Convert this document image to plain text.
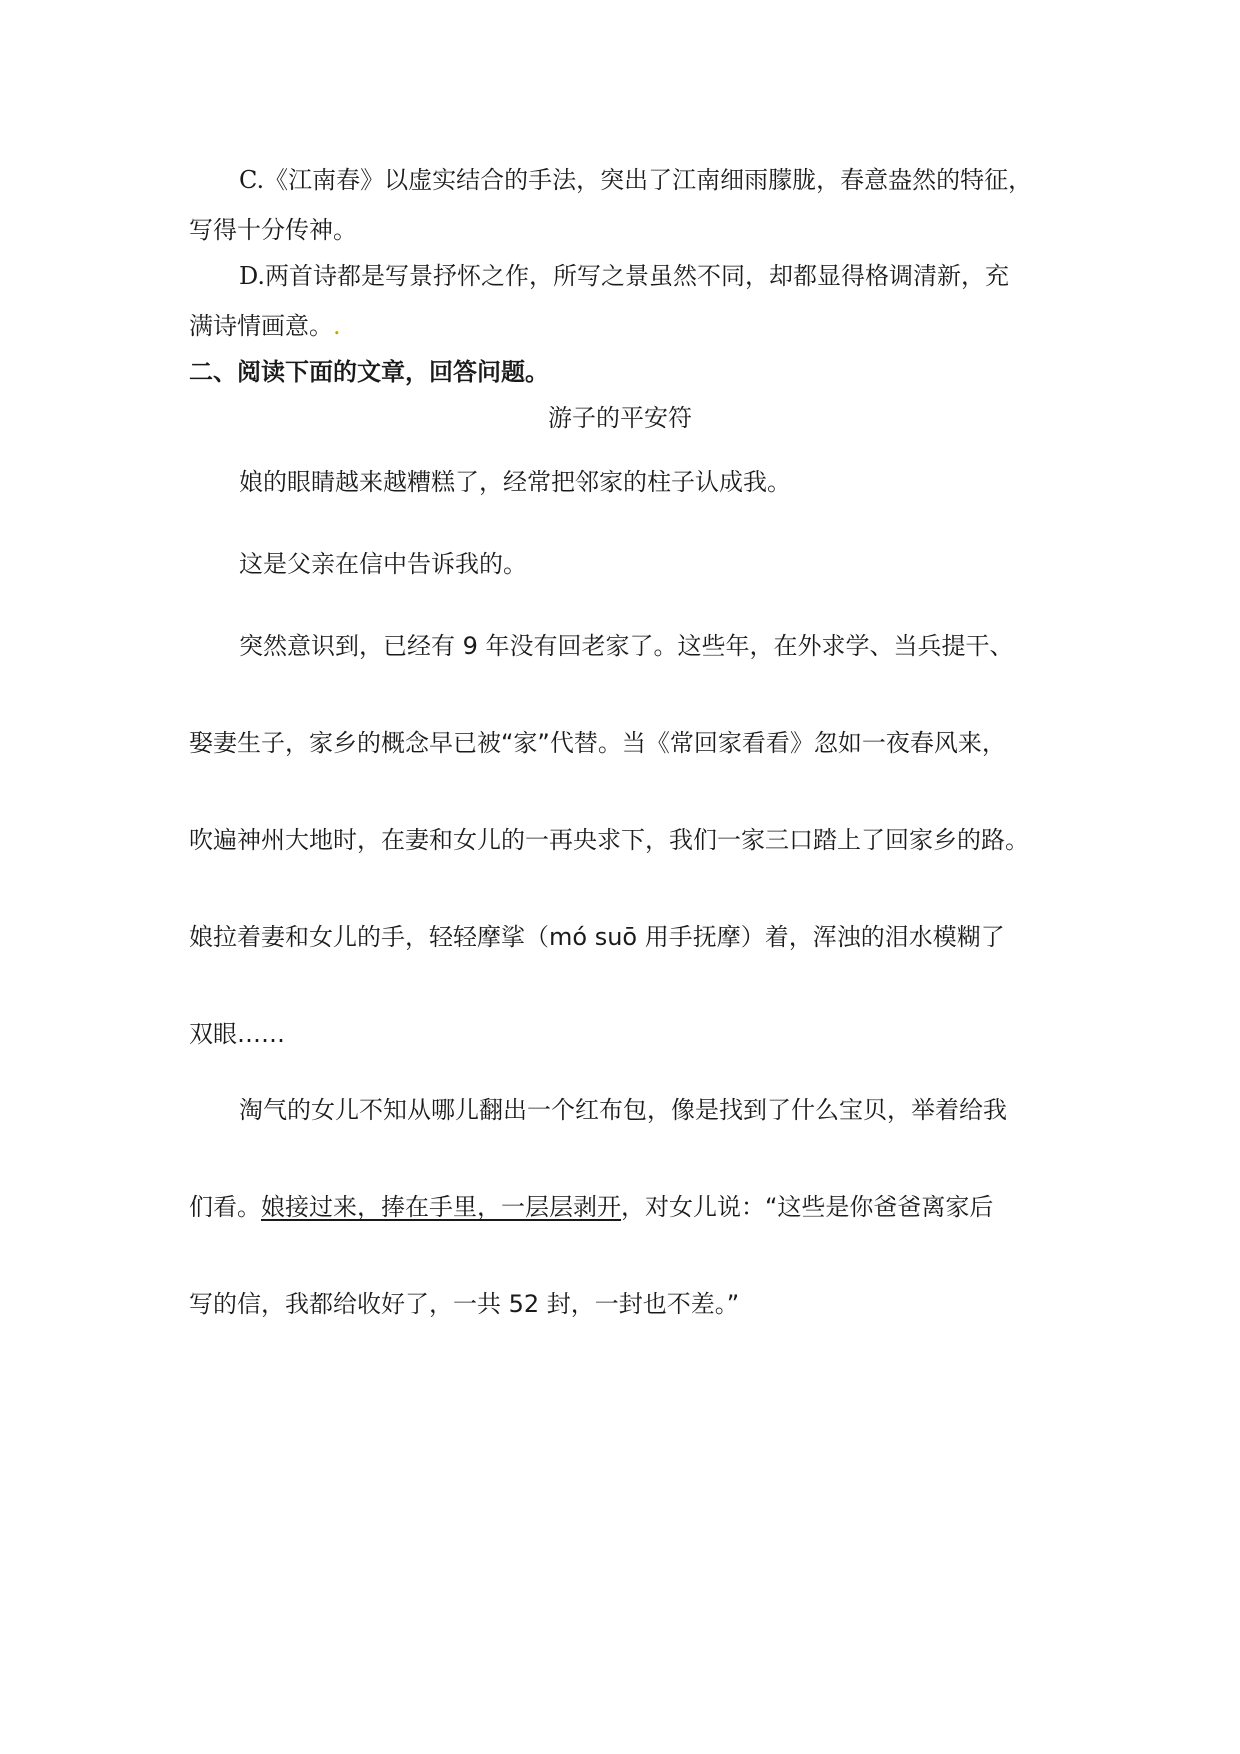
C.《江南春》以虚实结合的手法，突出了江南细雨朦胧，春意盎然的特征，
写得十分传神。
D.两首诗都是写景抒怀之作，所写之景虽然不同，却都显得格调清新，充
满诗情画意。.
二、阅读下面的文章，回答问题。
游子的平安符
娘的眼睛越来越糟糕了，经常把邻家的柱子认成我。
这是父亲在信中告诉我的。
突然意识到，已经有 9 年没有回老家了。这些年，在外求学、当兵提干、
娶妻生子，家乡的概念早已被“家”代替。当《常回家看看》忽如一夜春风来，
吹遍神州大地时，在妻和女儿的一再央求下，我们一家三口踏上了回家乡的路。
娘拉着妻和女儿的手，轻轻摩挲（mó suō 用手抚摩）着，浑浊的泪水模糊了
双眼……
淘气的女儿不知从哪儿翻出一个红布包，像是找到了什么宝贝，举着给我
们看。娘接过来，捧在手里，一层层剥开，对女儿说：“这些是你爸爸离家后
写的信，我都给收好了，一共 52 封，一封也不差。”
